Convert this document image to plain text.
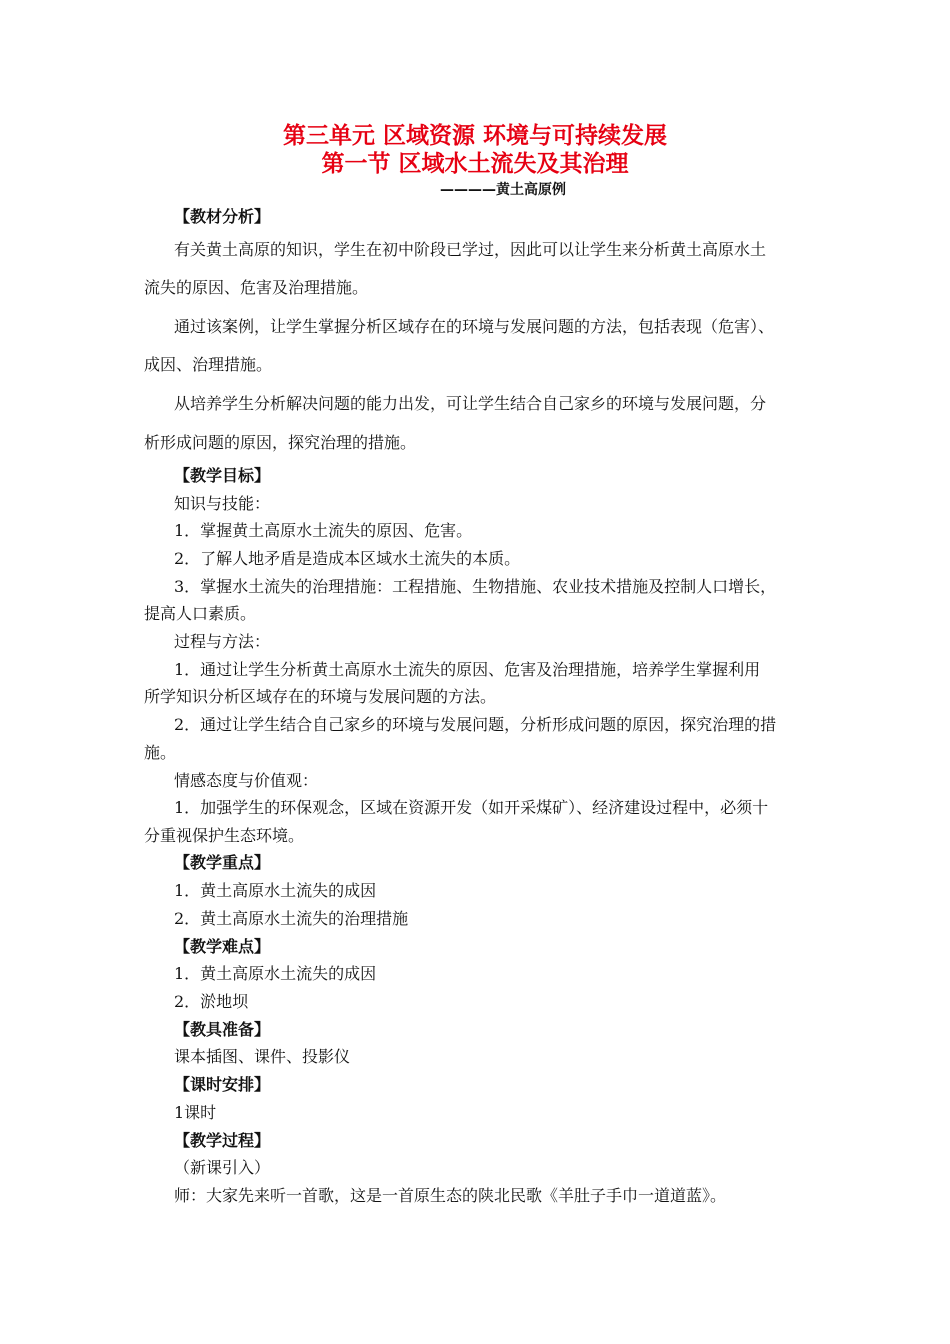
第三单元 区域资源 环境与可持续发展
第一节 区域水土流失及其治理
————黄土高原例
【教材分析】
有关黄土高原的知识，学生在初中阶段已学过，因此可以让学生来分析黄土高原水土
流失的原因、危害及治理措施。
通过该案例，让学生掌握分析区域存在的环境与发展问题的方法，包括表现（危害）、
成因、治理措施。
从培养学生分析解决问题的能力出发，可让学生结合自己家乡的环境与发展问题，分
析形成问题的原因，探究治理的措施。
【教学目标】
知识与技能：
1．掌握黄土高原水土流失的原因、危害。
2．了解人地矛盾是造成本区域水土流失的本质。
3．掌握水土流失的治理措施：工程措施、生物措施、农业技术措施及控制人口增长，
提高人口素质。
过程与方法：
1．通过让学生分析黄土高原水土流失的原因、危害及治理措施，培养学生掌握利用
所学知识分析区域存在的环境与发展问题的方法。
2．通过让学生结合自己家乡的环境与发展问题，分析形成问题的原因，探究治理的措
施。
情感态度与价值观：
1．加强学生的环保观念，区域在资源开发（如开采煤矿）、经济建设过程中，必须十
分重视保护生态环境。
【教学重点】
1．黄土高原水土流失的成因
2．黄土高原水土流失的治理措施
【教学难点】
1．黄土高原水土流失的成因
2．淤地坝
【教具准备】
课本插图、课件、投影仪
【课时安排】
1课时
【教学过程】
（新课引入）
师：大家先来听一首歌，这是一首原生态的陕北民歌《羊肚子手巾一道道蓝》。
